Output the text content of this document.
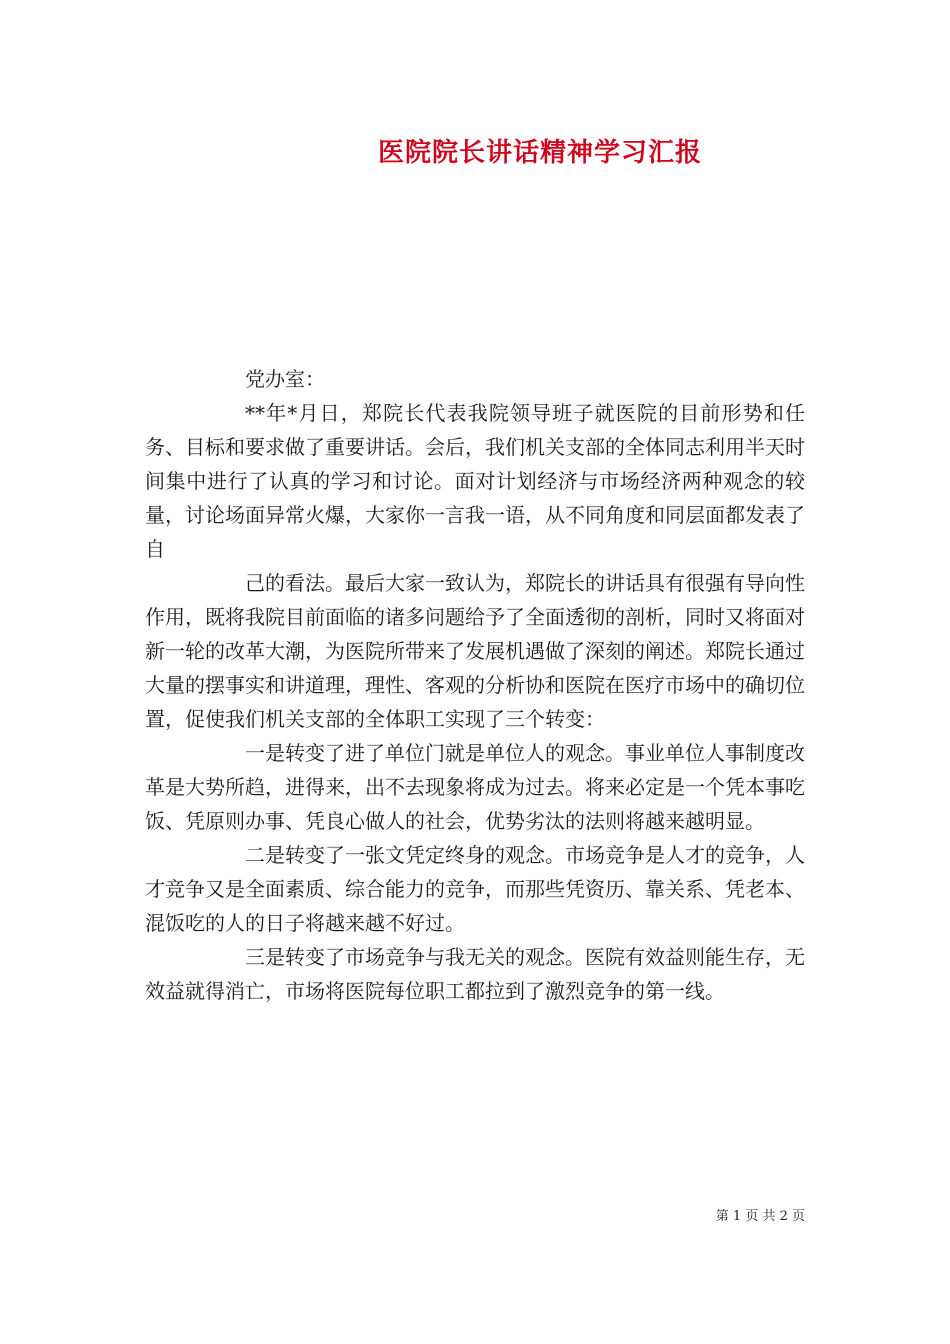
医院院长讲话精神学习汇报

党办室：

**年*月日，郑院长代表我院领导班子就医院的目前形势和任务、目标和要求做了重要讲话。会后，我们机关支部的全体同志利用半天时间集中进行了认真的学习和讨论。面对计划经济与市场经济两种观念的较量，讨论场面异常火爆，大家你一言我一语，从不同角度和同层面都发表了自

己的看法。最后大家一致认为，郑院长的讲话具有很强有导向性作用，既将我院目前面临的诸多问题给予了全面透彻的剖析，同时又将面对新一轮的改革大潮，为医院所带来了发展机遇做了深刻的阐述。郑院长通过大量的摆事实和讲道理，理性、客观的分析协和医院在医疗市场中的确切位置，促使我们机关支部的全体职工实现了三个转变：

一是转变了进了单位门就是单位人的观念。事业单位人事制度改革是大势所趋，进得来，出不去现象将成为过去。将来必定是一个凭本事吃饭、凭原则办事、凭良心做人的社会，优势劣汰的法则将越来越明显。

二是转变了一张文凭定终身的观念。市场竞争是人才的竞争，人才竞争又是全面素质、综合能力的竞争，而那些凭资历、靠关系、凭老本、混饭吃的人的日子将越来越不好过。

三是转变了市场竞争与我无关的观念。医院有效益则能生存，无效益就得消亡，市场将医院每位职工都拉到了激烈竞争的第一线。

第 1 页 共 2 页
